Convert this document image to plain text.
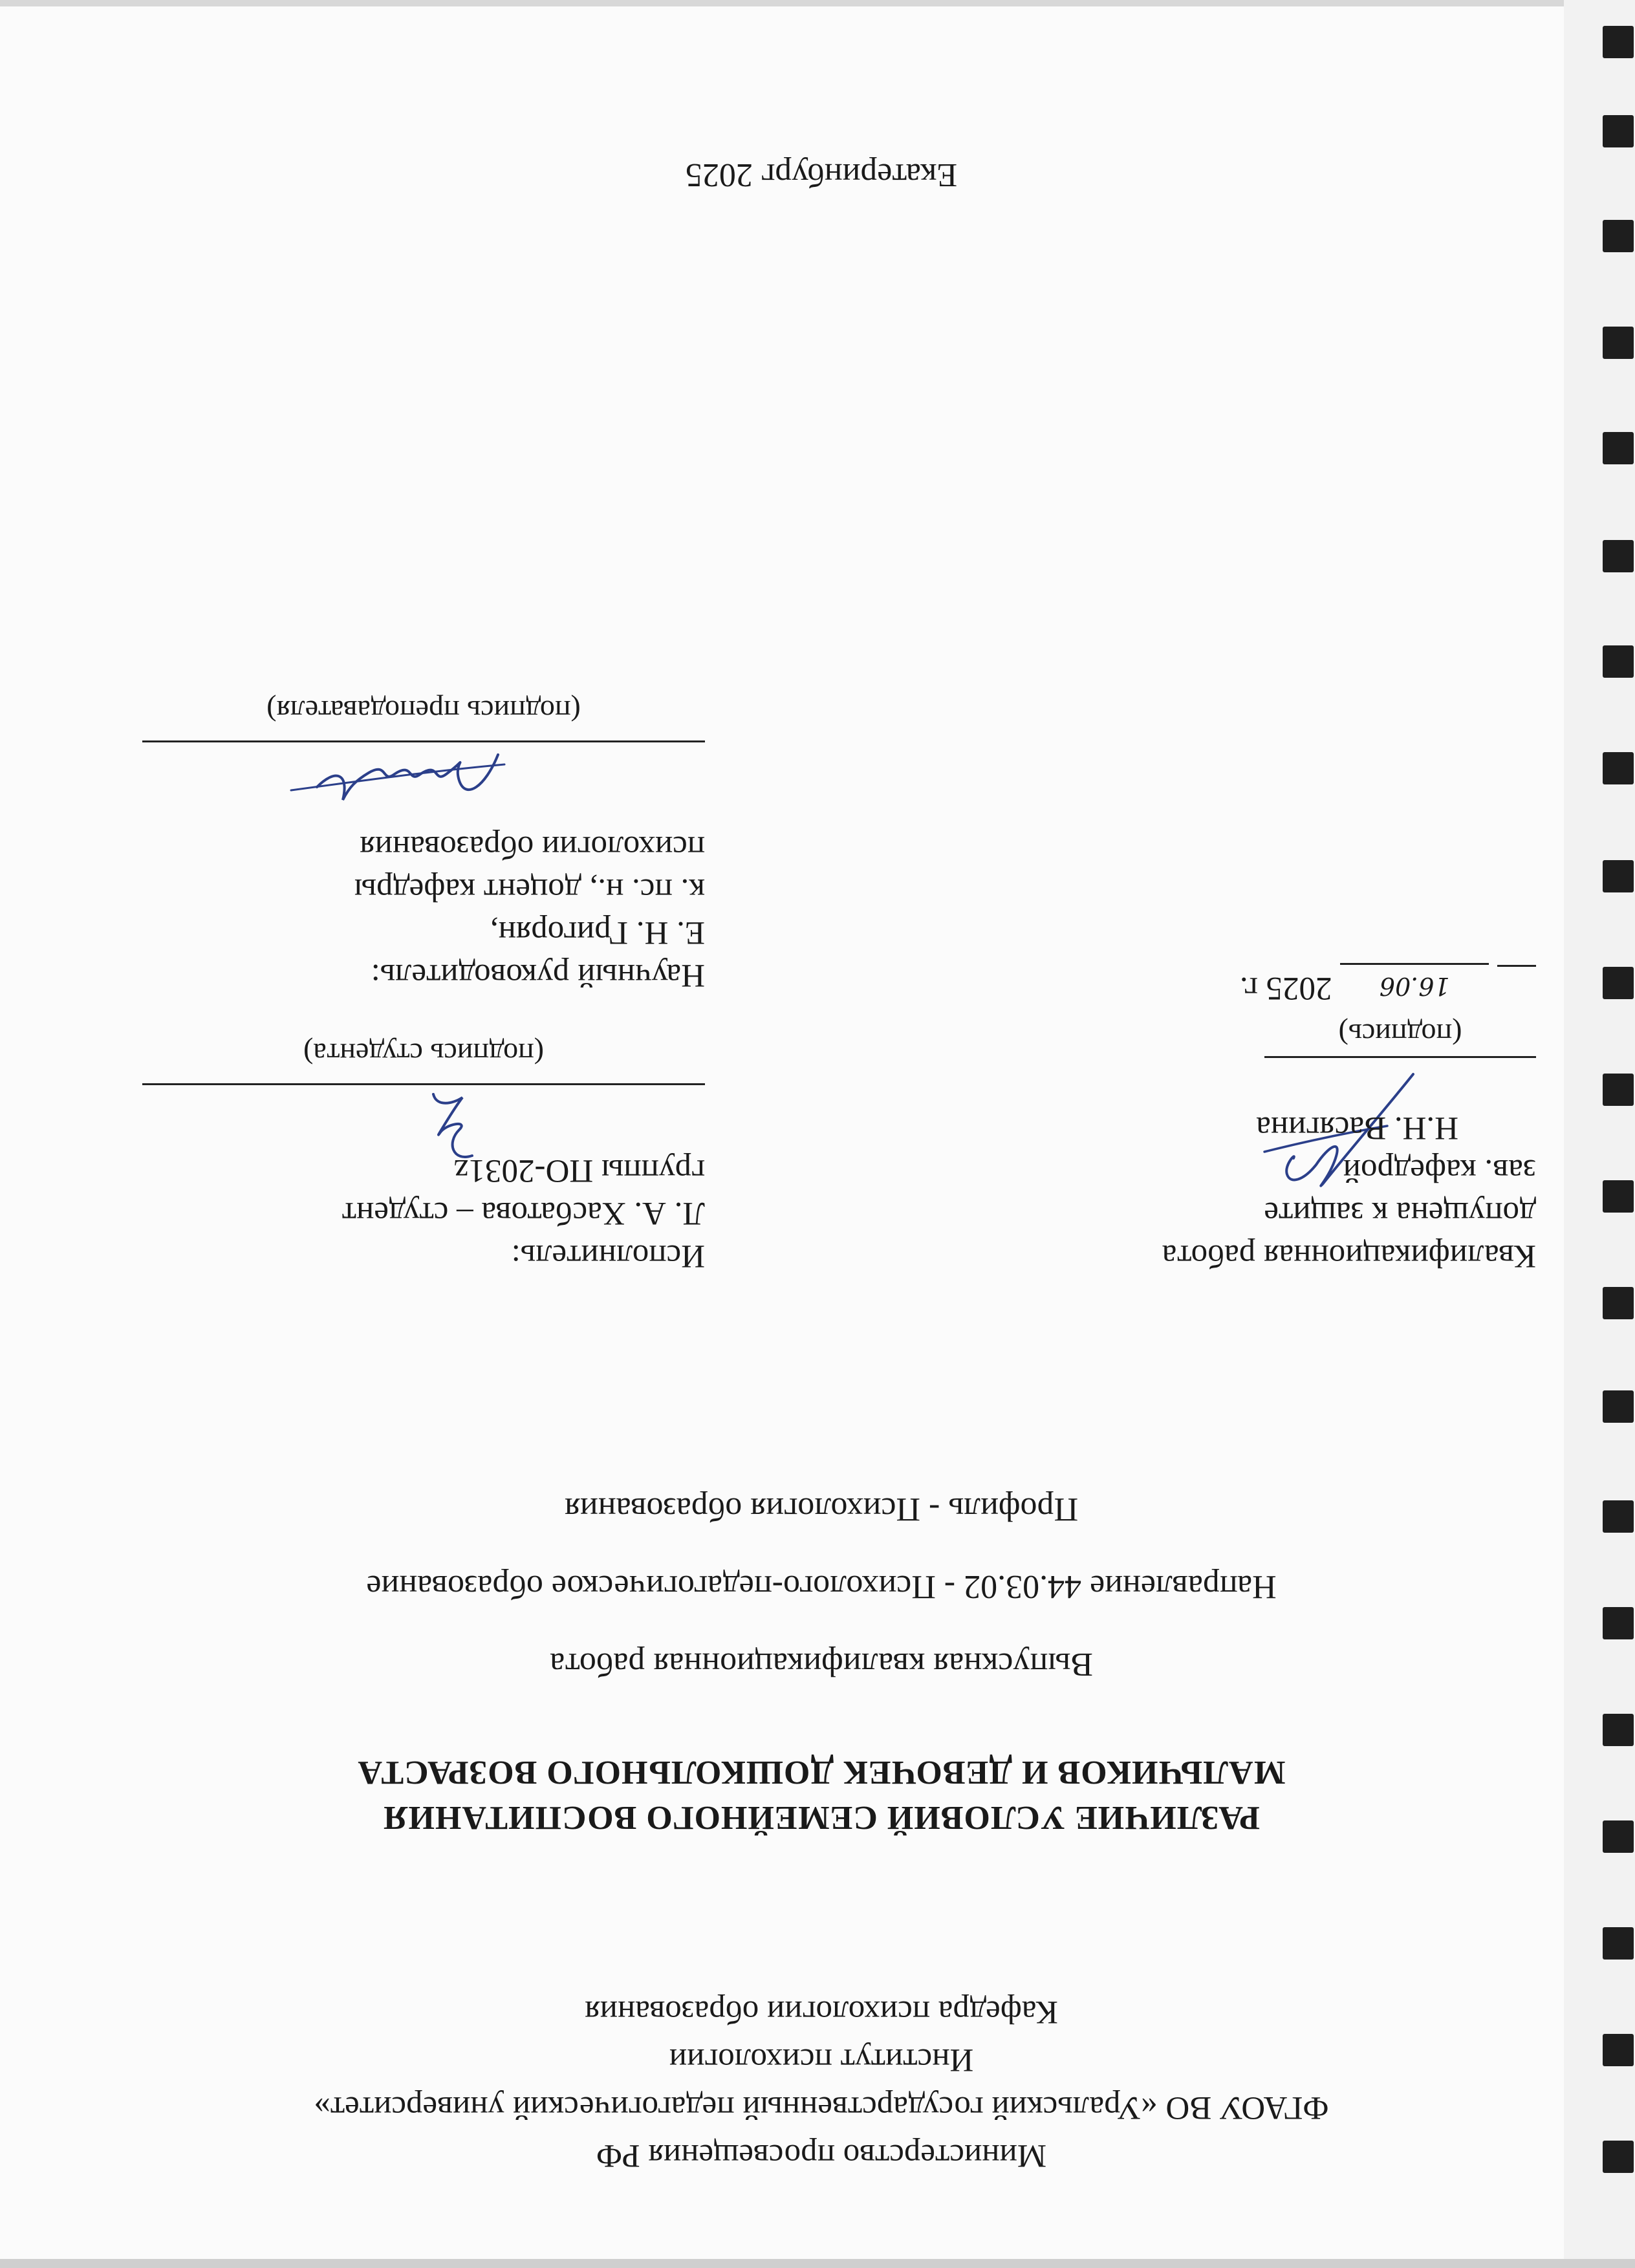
Министерство просвещения РФ
ФГАОУ ВО «Уральский государственный педагогический университет»
Институт психологии
Кафедра психологии образования
РАЗЛИЧИЕ УСЛОВИЙ СЕМЕЙНОГО ВОСПИТАНИЯ
МАЛЬЧИКОВ И ДЕВОЧЕК ДОШКОЛЬНОГО ВОЗРАСТА
Выпускная квалификационная работа
Направление 44.03.02 - Психолого-педагогическое образование
Профиль - Психология образования
Квалификационная работа
допущена к защите
зав. кафедрой
Н.Н. Васягина
(подпись)
16.06 2025 г.
Исполнитель:
Л. А. Хасбатова – студент
группы ПО-2031z
(подпись студента)
Научный руководитель:
Е. Н. Григорян,
к. пс. н., доцент кафедры
психологии образования
(подпись преподавателя)
Екатеринбург 2025
